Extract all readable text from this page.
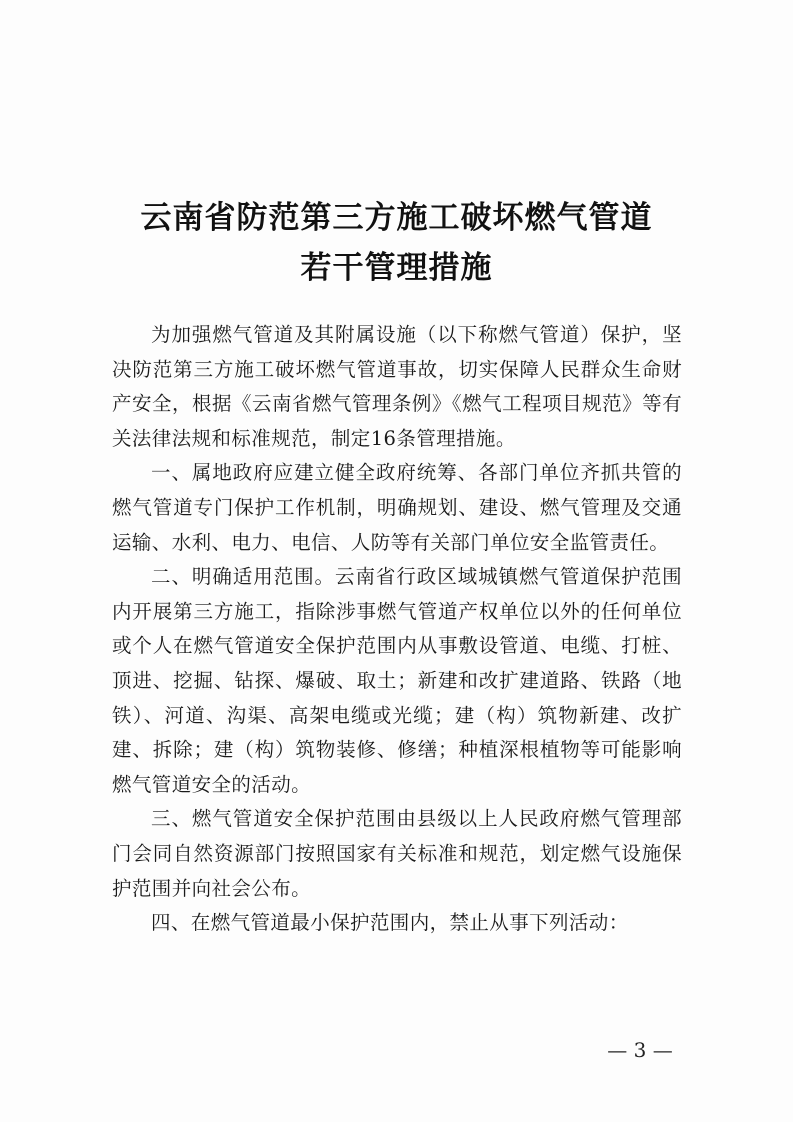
云南省防范第三方施工破坏燃气管道
若干管理措施

为加强燃气管道及其附属设施（以下称燃气管道）保护，坚决防范第三方施工破坏燃气管道事故，切实保障人民群众生命财产安全，根据《云南省燃气管理条例》《燃气工程项目规范》等有关法律法规和标准规范，制定16条管理措施。

一、属地政府应建立健全政府统筹、各部门单位齐抓共管的燃气管道专门保护工作机制，明确规划、建设、燃气管理及交通运输、水利、电力、电信、人防等有关部门单位安全监管责任。

二、明确适用范围。云南省行政区域城镇燃气管道保护范围内开展第三方施工，指除涉事燃气管道产权单位以外的任何单位或个人在燃气管道安全保护范围内从事敷设管道、电缆、打桩、顶进、挖掘、钻探、爆破、取土；新建和改扩建道路、铁路（地铁）、河道、沟渠、高架电缆或光缆；建（构）筑物新建、改扩建、拆除；建（构）筑物装修、修缮；种植深根植物等可能影响燃气管道安全的活动。

三、燃气管道安全保护范围由县级以上人民政府燃气管理部门会同自然资源部门按照国家有关标准和规范，划定燃气设施保护范围并向社会公布。

四、在燃气管道最小保护范围内，禁止从事下列活动：

— 3 —
